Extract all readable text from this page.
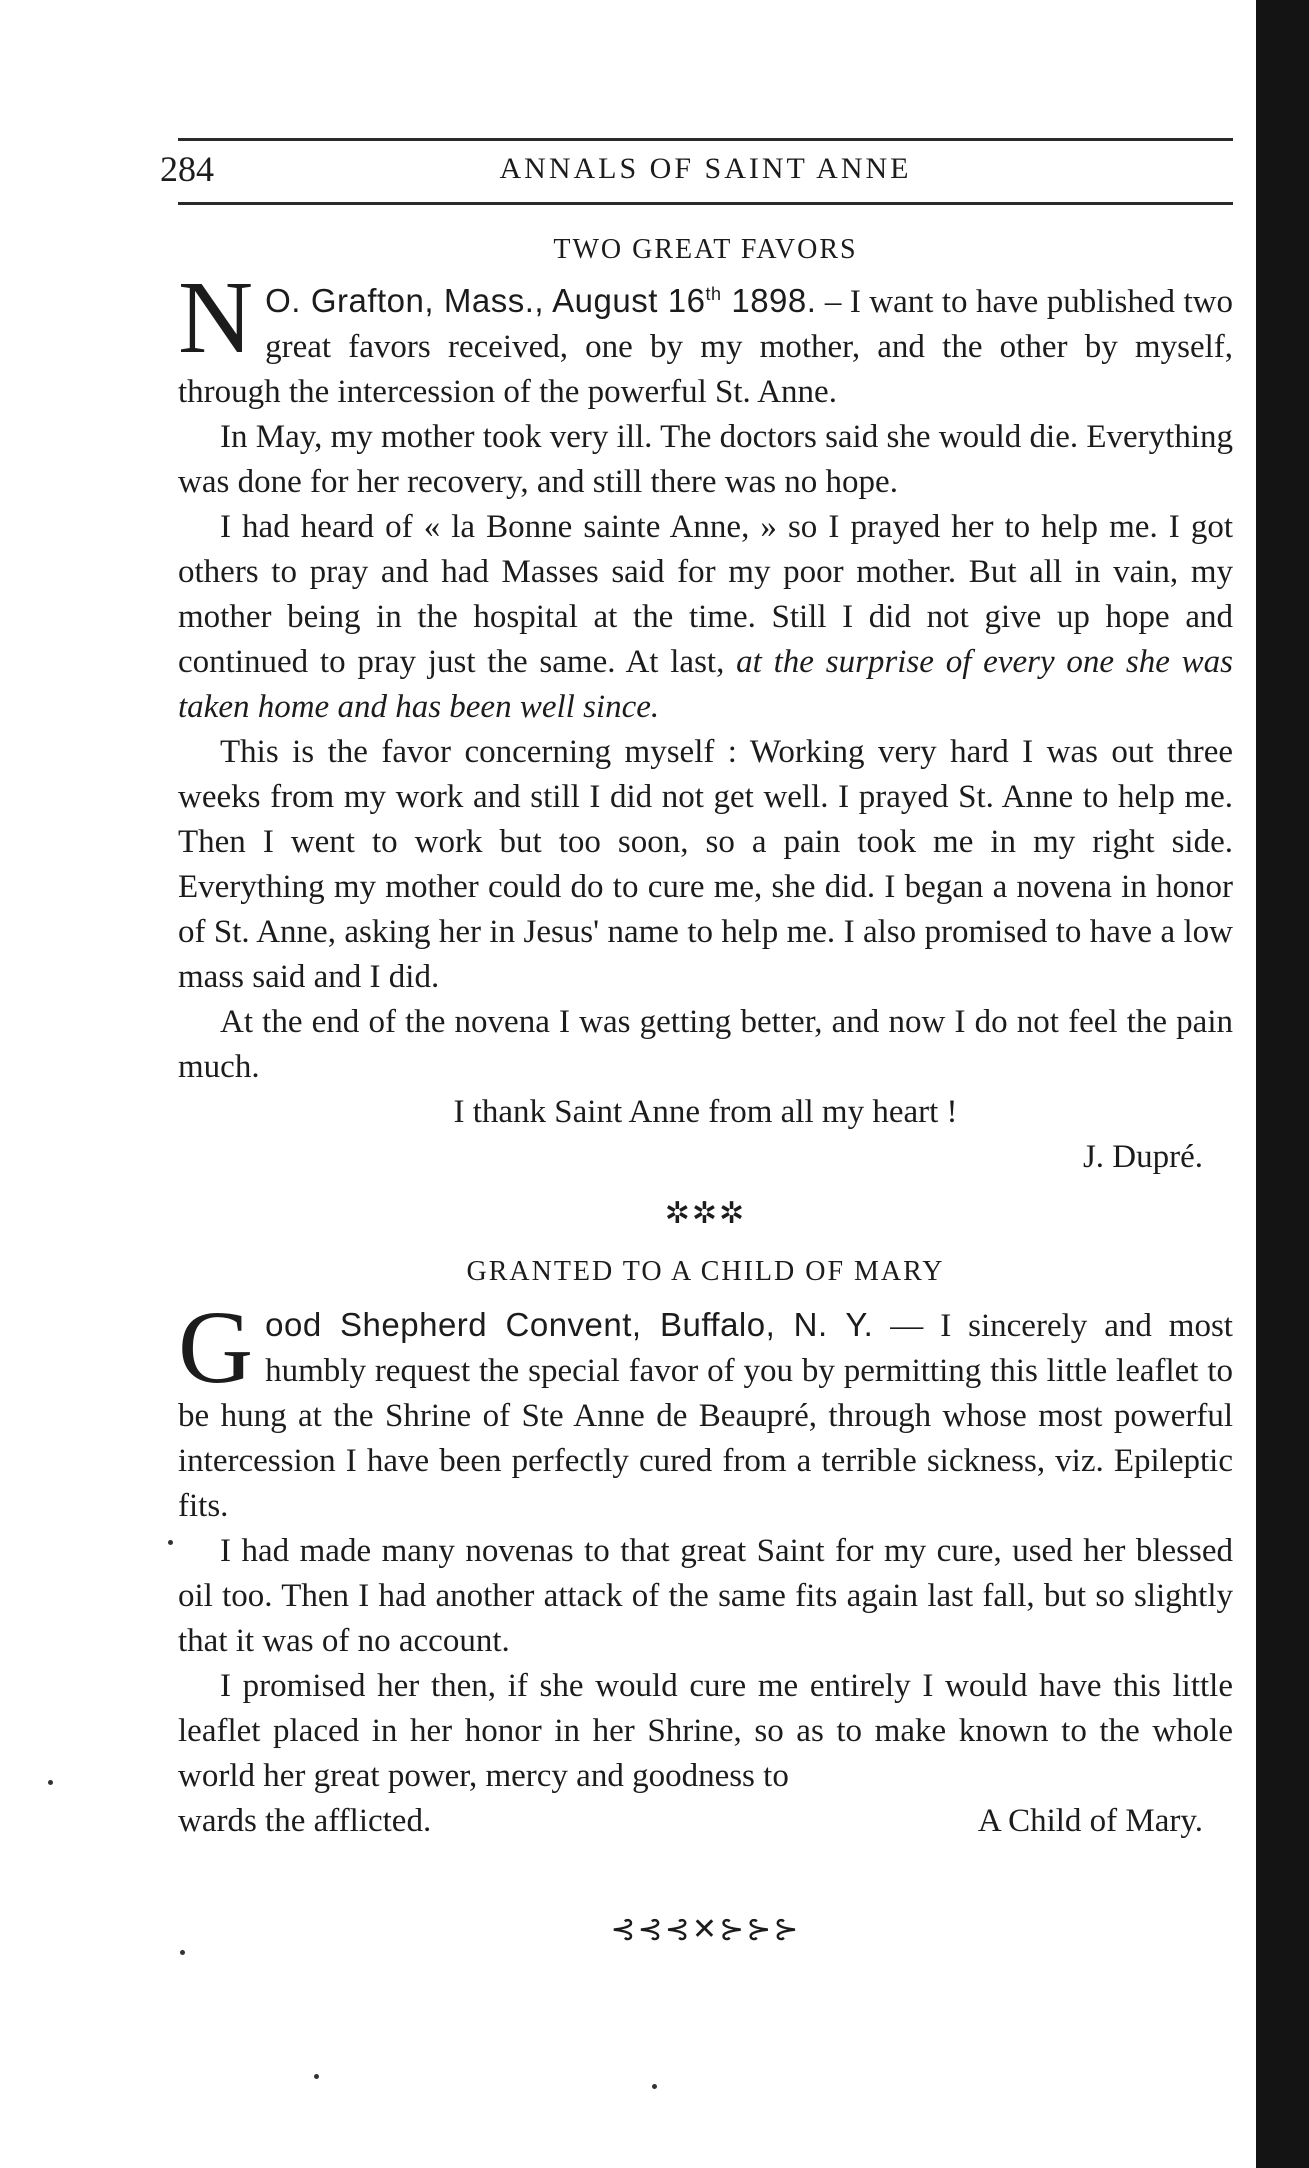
284	ANNALS OF SAINT ANNE
TWO GREAT FAVORS

N O. Grafton, Mass., August 16th 1898. – I want to have published two great favors received, one by my mother, and the other by myself, through the intercession of the powerful St. Anne.

In May, my mother took very ill. The doctors said she would die. Everything was done for her recovery, and still there was no hope.

I had heard of « la Bonne sainte Anne, » so I prayed her to help me. I got others to pray and had Masses said for my poor mother. But all in vain, my mother being in the hospital at the time. Still I did not give up hope and continued to pray just the same. At last, at the surprise of every one she was taken home and has been well since.

This is the favor concerning myself : Working very hard I was out three weeks from my work and still I did not get well. I prayed St. Anne to help me. Then I went to work but too soon, so a pain took me in my right side. Everything my mother could do to cure me, she did. I began a novena in honor of St. Anne, asking her in Jesus' name to help me. I also promised to have a low mass said and I did.

At the end of the novena I was getting better, and now I do not feel the pain much.

I thank Saint Anne from all my heart !

J. Dupré.

✲✲✲
GRANTED TO A CHILD OF MARY

Good Shepherd Convent, Buffalo, N. Y. — I sincerely and most humbly request the special favor of you by permitting this little leaflet to be hung at the Shrine of Ste Anne de Beaupré, through whose most powerful intercession I have been perfectly cured from a terrible sickness, viz. Epileptic fits.

I had made many novenas to that great Saint for my cure, used her blessed oil too. Then I had another attack of the same fits again last fall, but so slightly that it was of no account.

I promised her then, if she would cure me entirely I would have this little leaflet placed in her honor in her Shrine, so as to make known to the whole world her great power, mercy and goodness to

wards the afflicted.	A Child of Mary.

⊰⊰⊰✕⊱⊱⊱
